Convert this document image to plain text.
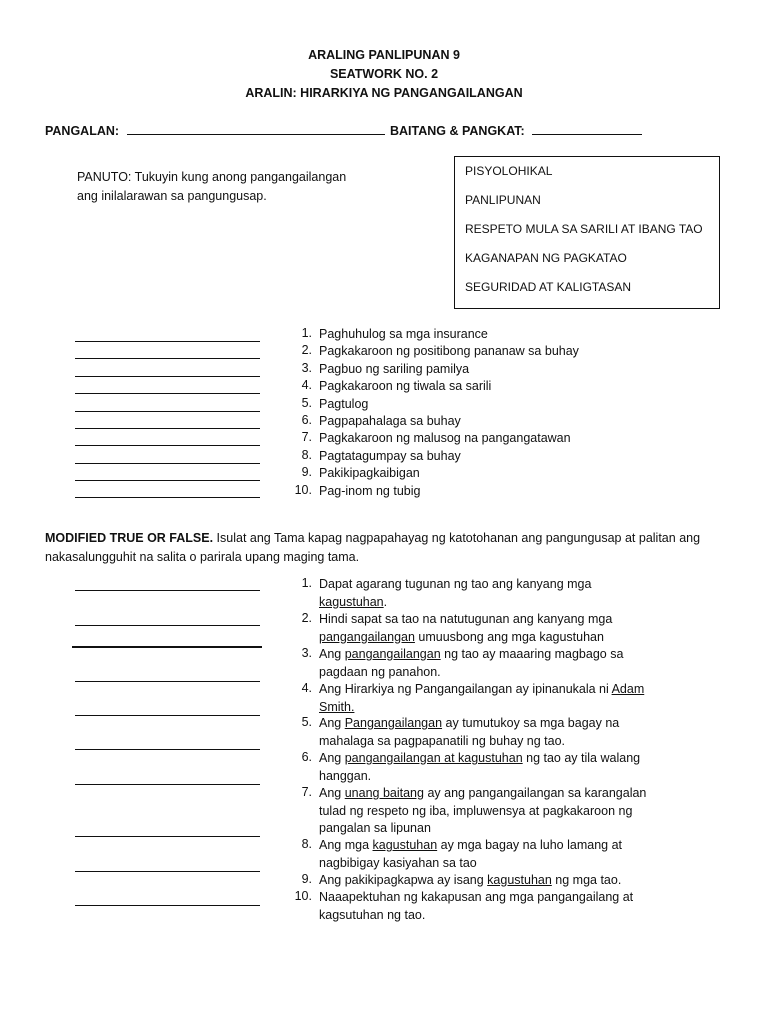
ARALING PANLIPUNAN 9
SEATWORK NO. 2
ARALIN: HIRARKIYA NG PANGANGAILANGAN
PANGALAN:	BAITANG & PANGKAT:
PANUTO: Tukuyin kung anong pangangailangan
ang inilalarawan sa pangungusap.
PISYOLOHIKAL
PANLIPUNAN
RESPETO MULA SA SARILI AT IBANG TAO
KAGANAPAN NG PAGKATAO
SEGURIDAD AT KALIGTASAN
1. Paghuhulog sa mga insurance
2. Pagkakaroon ng positibong pananaw sa buhay
3. Pagbuo ng sariling pamilya
4. Pagkakaroon ng tiwala sa sarili
5. Pagtulog
6. Pagpapahalaga sa buhay
7. Pagkakaroon ng malusog na pangangatawan
8. Pagtatagumpay sa buhay
9. Pakikipagkaibigan
10. Pag-inom ng tubig
MODIFIED TRUE OR FALSE. Isulat ang Tama kapag nagpapahayag ng katotohanan ang pangungusap at palitan ang
nakasalungguhit na salita o parirala upang maging tama.
1. Dapat agarang tugunan ng tao ang kanyang mga
kagustuhan.
2. Hindi sapat sa tao na natutugunan ang kanyang mga
pangangailangan umuusbong ang mga kagustuhan
3. Ang pangangailangan ng tao ay maaaring magbago sa pagdaan ng panahon.
4. Ang Hirarkiya ng Pangangailangan ay ipinanukala ni Adam Smith.
5. Ang Pangangailangan ay tumutukoy sa mga bagay na mahalaga sa pagpapanatili ng buhay ng tao.
6. Ang pangangailangan at kagustuhan ng tao ay tila walang hanggan.
7. Ang unang baitang ay ang pangangailangan sa karangalan tulad ng respeto ng iba, impluwensya at pagkakaroon ng pangalan sa lipunan
8. Ang mga kagustuhan ay mga bagay na luho lamang at nagbibigay kasiyahan sa tao
9. Ang pakikipagkapwa ay isang kagustuhan ng mga tao.
10. Naaapektuhan ng kakapusan ang mga pangangailang at kagsutuhan ng tao.
